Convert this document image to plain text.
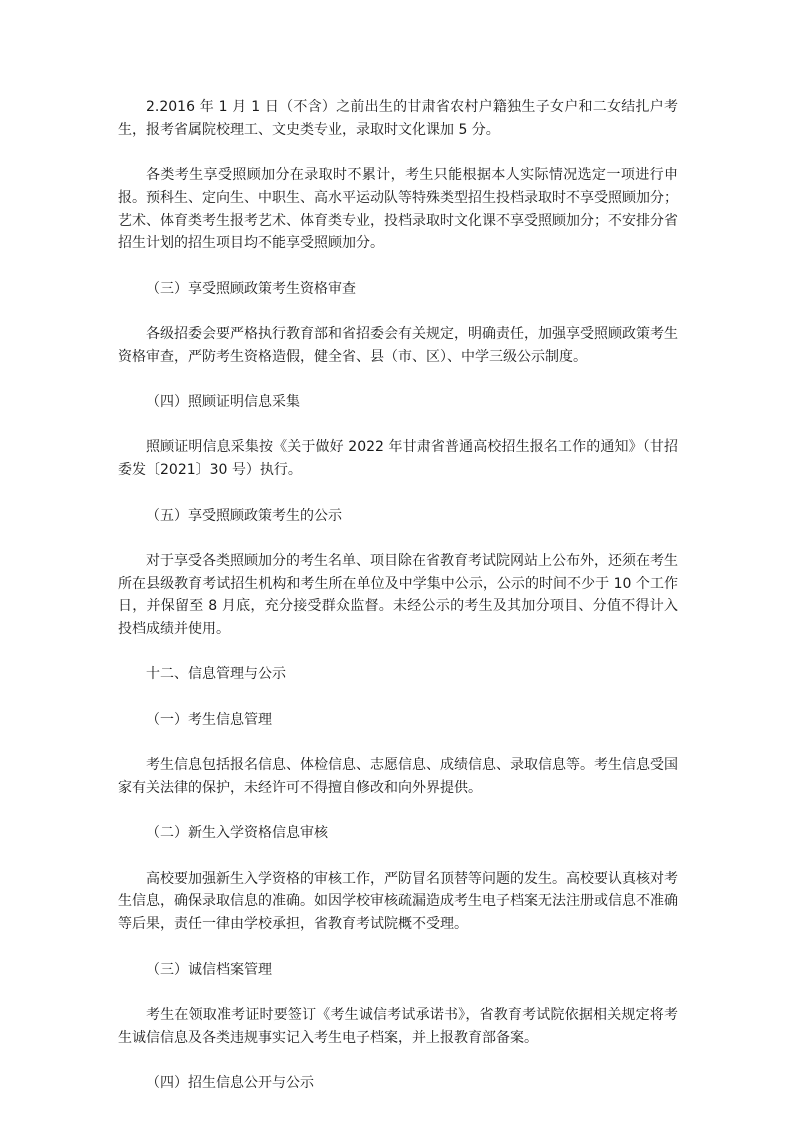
2.2016 年 1 月 1 日（不含）之前出生的甘肃省农村户籍独生子女户和二女结扎户考生，报考省属院校理工、文史类专业，录取时文化课加 5 分。

各类考生享受照顾加分在录取时不累计，考生只能根据本人实际情况选定一项进行申报。预科生、定向生、中职生、高水平运动队等特殊类型招生投档录取时不享受照顾加分；艺术、体育类考生报考艺术、体育类专业，投档录取时文化课不享受照顾加分；不安排分省招生计划的招生项目均不能享受照顾加分。

（三）享受照顾政策考生资格审查

各级招委会要严格执行教育部和省招委会有关规定，明确责任，加强享受照顾政策考生资格审查，严防考生资格造假，健全省、县（市、区）、中学三级公示制度。

（四）照顾证明信息采集

照顾证明信息采集按《关于做好 2022 年甘肃省普通高校招生报名工作的通知》（甘招委发〔2021〕30 号）执行。

（五）享受照顾政策考生的公示

对于享受各类照顾加分的考生名单、项目除在省教育考试院网站上公布外，还须在考生所在县级教育考试招生机构和考生所在单位及中学集中公示，公示的时间不少于 10 个工作日，并保留至 8 月底，充分接受群众监督。未经公示的考生及其加分项目、分值不得计入投档成绩并使用。

十二、信息管理与公示

（一）考生信息管理

考生信息包括报名信息、体检信息、志愿信息、成绩信息、录取信息等。考生信息受国家有关法律的保护，未经许可不得擅自修改和向外界提供。

（二）新生入学资格信息审核

高校要加强新生入学资格的审核工作，严防冒名顶替等问题的发生。高校要认真核对考生信息，确保录取信息的准确。如因学校审核疏漏造成考生电子档案无法注册或信息不准确等后果，责任一律由学校承担，省教育考试院概不受理。

（三）诚信档案管理

考生在领取准考证时要签订《考生诚信考试承诺书》，省教育考试院依据相关规定将考生诚信信息及各类违规事实记入考生电子档案，并上报教育部备案。

（四）招生信息公开与公示
